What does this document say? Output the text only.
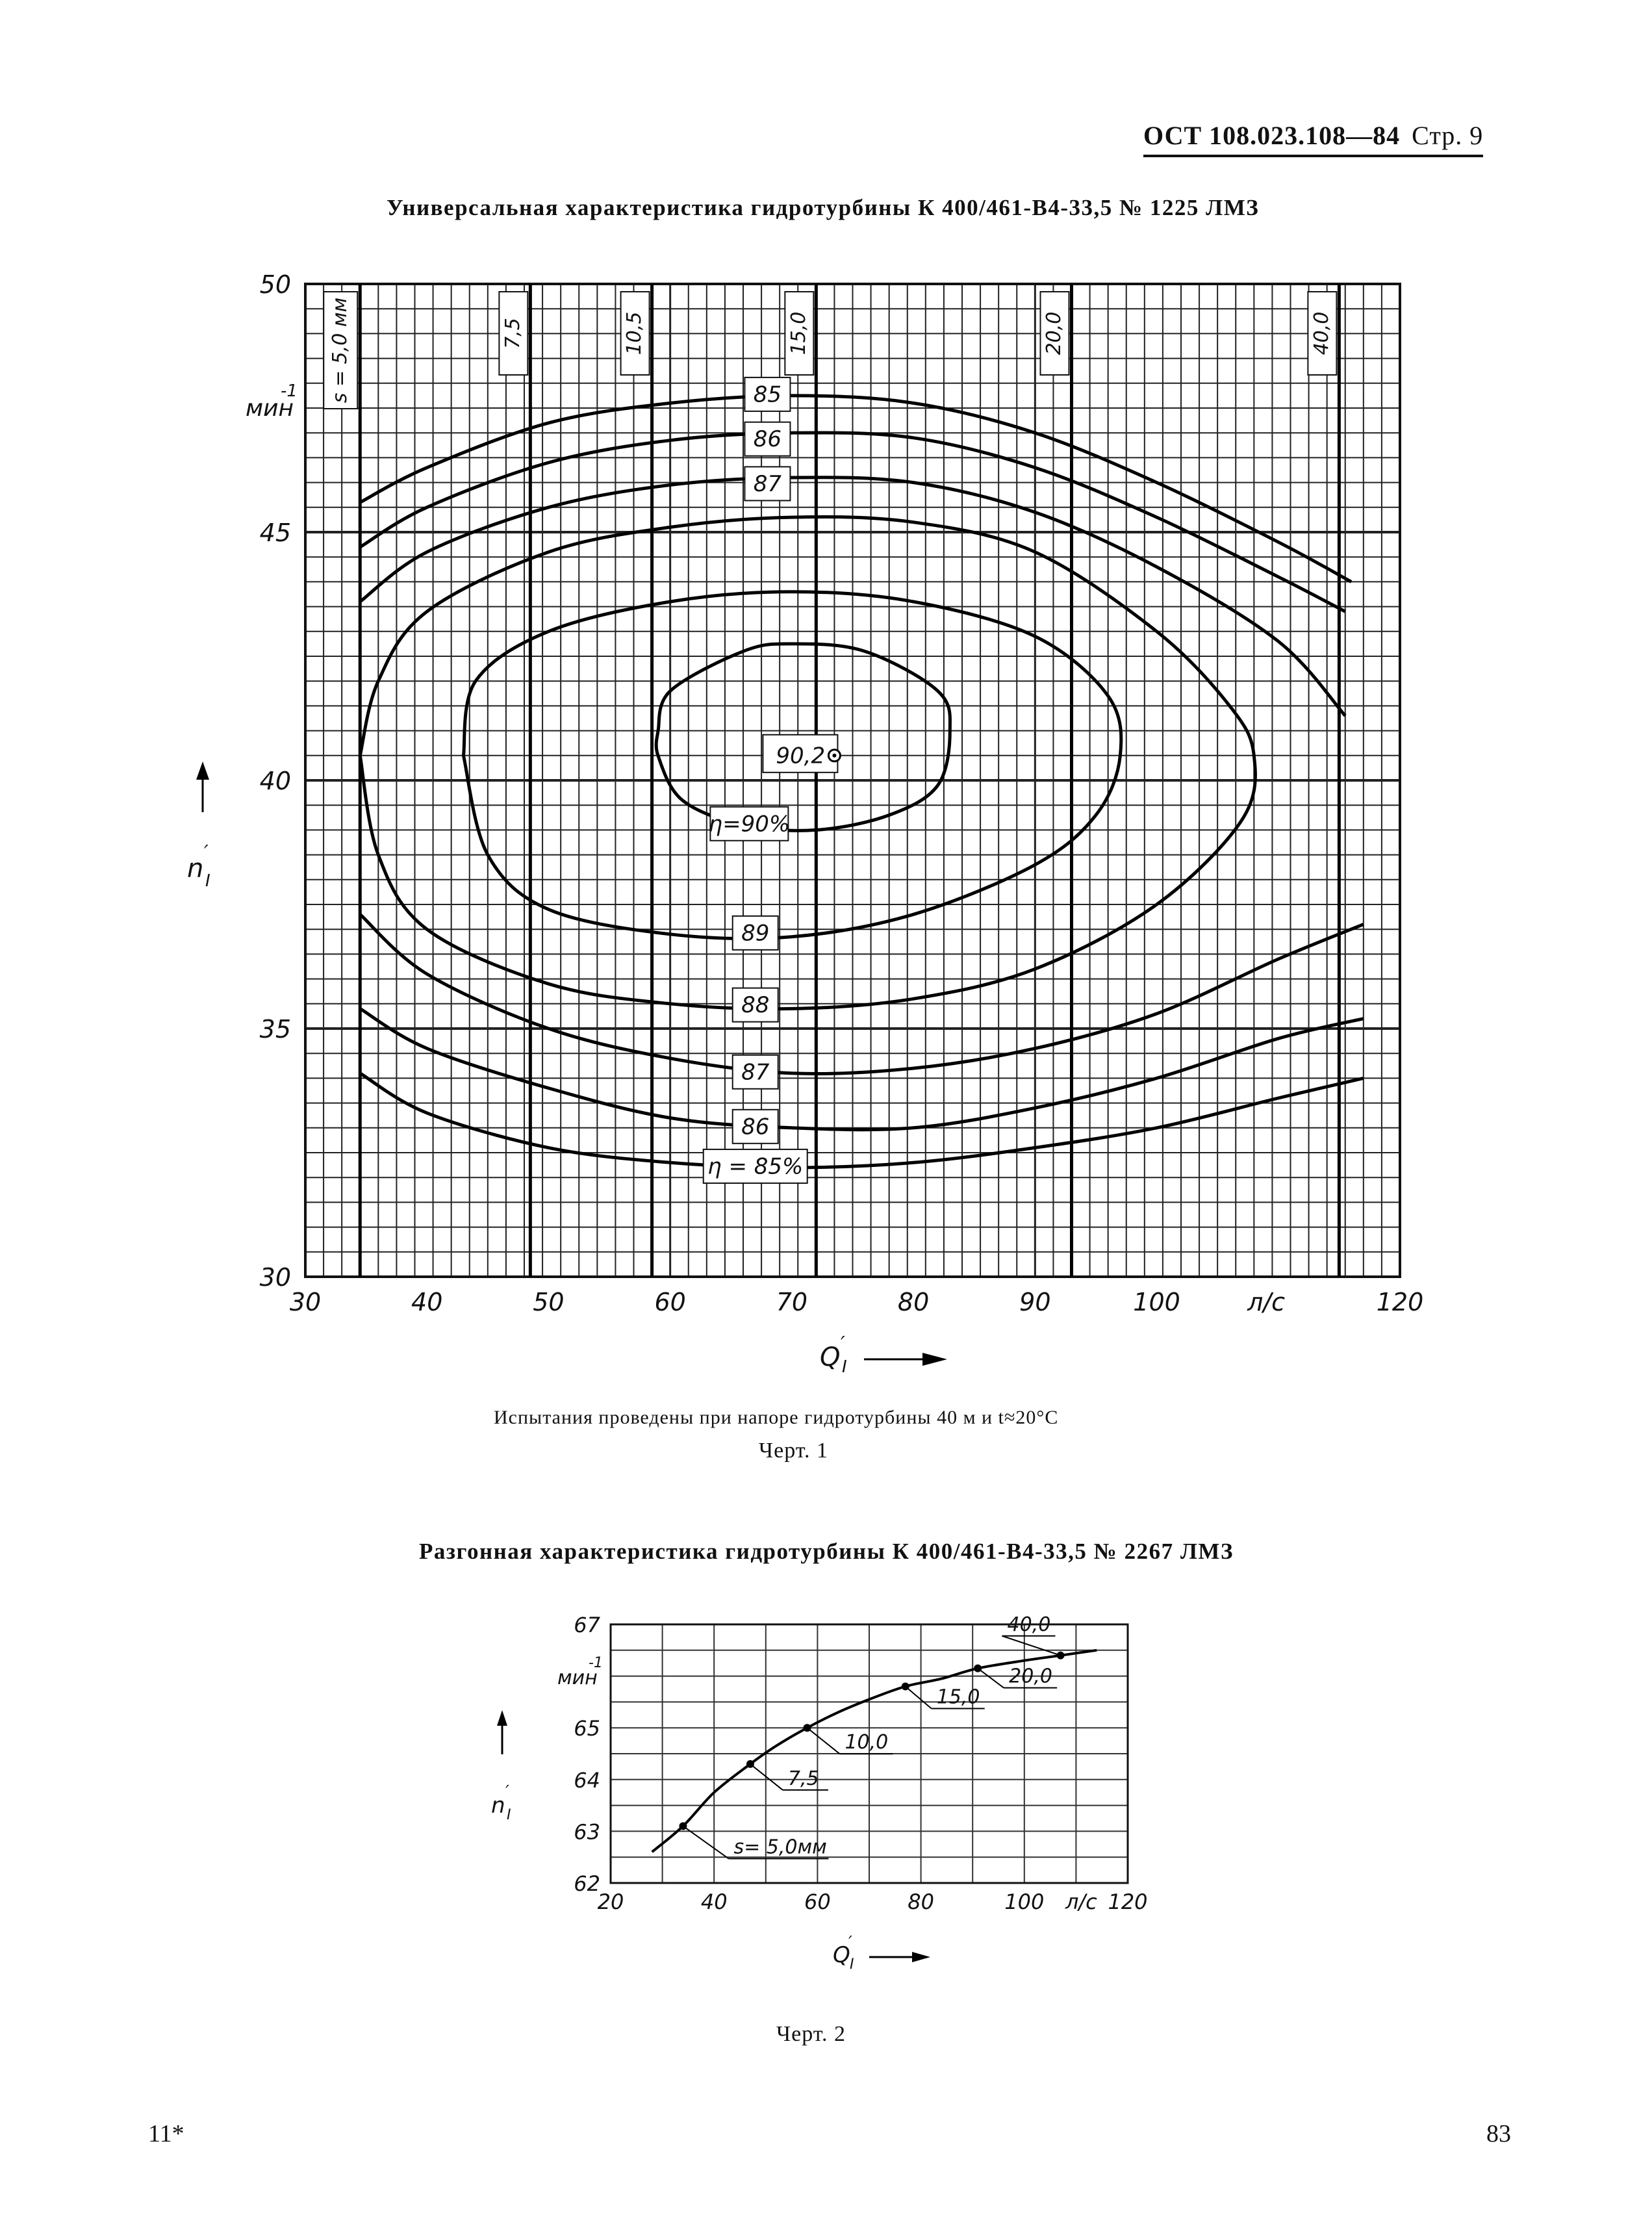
ОСТ 108.023.108—84 Стр. 9
Универсальная характеристика гидротурбины К 400/461-В4-33,5 № 1225 ЛМЗ
s = 5,0 мм	7,5	10,5	15,0	20,0	40,0
85
86
87
88
89
η=90%
87
86
η = 85%
90,2
30	40	50	60	70	80	90	100	120
л/с
30
35
40
45
50
мин
-1
n
′
I
Q ′
I
Испытания проведены при напоре гидротурбины 40 м и t≈20°С
Черт. 1
Разгонная характеристика гидротурбины К 400/461-В4-33,5 № 2267 ЛМЗ
s= 5,0мм
7,5
10,0
15,0
20,0
40,0
20	40	60	80	100	120
л/с
62
63
64
65
67
мин
-1
n
′
I
Q
′
I
Черт. 2
11*	83
